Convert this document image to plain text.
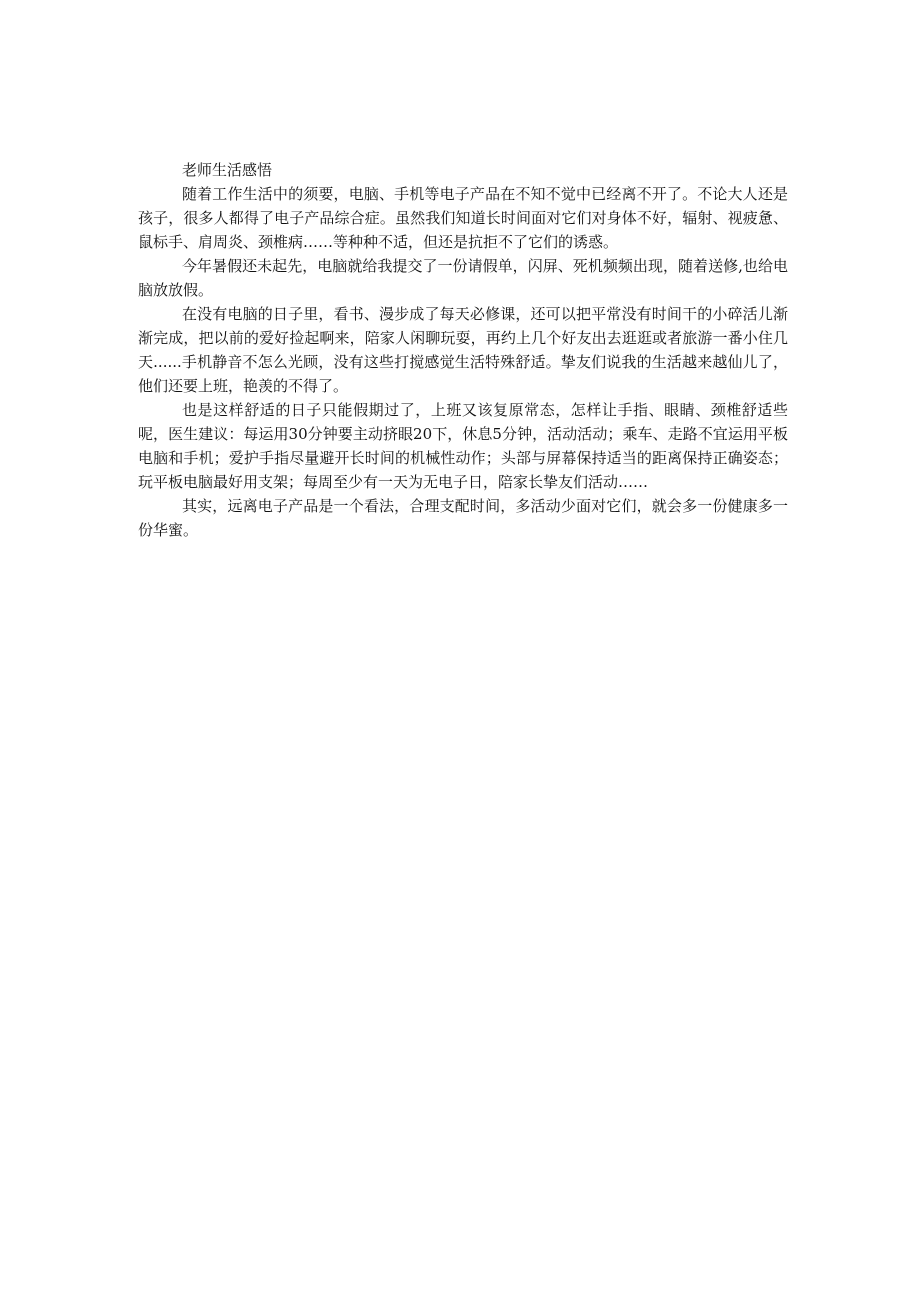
老师生活感悟

随着工作生活中的须要，电脑、手机等电子产品在不知不觉中已经离不开了。不论大人还是孩子，很多人都得了电子产品综合症。虽然我们知道长时间面对它们对身体不好，辐射、视疲惫、鼠标手、肩周炎、颈椎病……等种种不适，但还是抗拒不了它们的诱惑。

今年暑假还未起先，电脑就给我提交了一份请假单，闪屏、死机频频出现，随着送修,也给电脑放放假。

在没有电脑的日子里，看书、漫步成了每天必修课，还可以把平常没有时间干的小碎活儿渐渐完成，把以前的爱好捡起啊来，陪家人闲聊玩耍，再约上几个好友出去逛逛或者旅游一番小住几天......手机静音不怎么光顾，没有这些打搅感觉生活特殊舒适。挚友们说我的生活越来越仙儿了，他们还要上班，艳羡的不得了。

也是这样舒适的日子只能假期过了，上班又该复原常态，怎样让手指、眼睛、颈椎舒适些呢，医生建议：每运用30分钟要主动挤眼20下，休息5分钟，活动活动；乘车、走路不宜运用平板电脑和手机；爱护手指尽量避开长时间的机械性动作；头部与屏幕保持适当的距离保持正确姿态；玩平板电脑最好用支架；每周至少有一天为无电子日，陪家长挚友们活动……

其实，远离电子产品是一个看法，合理支配时间，多活动少面对它们，就会多一份健康多一份华蜜。
